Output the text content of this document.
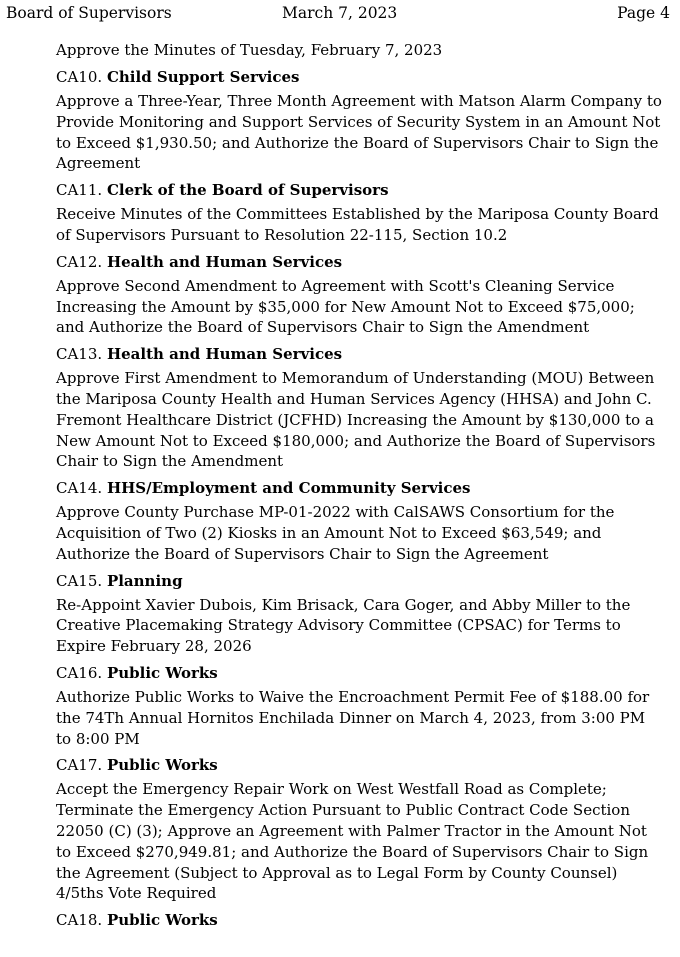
Board of Supervisors	March 7, 2023	Page 4

Approve the Minutes of Tuesday, February 7, 2023

CA10. Child Support Services

Approve a Three-Year, Three Month Agreement with Matson Alarm Company to Provide Monitoring and Support Services of Security System in an Amount Not to Exceed $1,930.50; and Authorize the Board of Supervisors Chair to Sign the Agreement

CA11. Clerk of the Board of Supervisors

Receive Minutes of the Committees Established by the Mariposa County Board of Supervisors Pursuant to Resolution 22-115, Section 10.2

CA12. Health and Human Services

Approve Second Amendment to Agreement with Scott's Cleaning Service Increasing the Amount by $35,000 for New Amount Not to Exceed $75,000; and Authorize the Board of Supervisors Chair to Sign the Amendment

CA13. Health and Human Services

Approve First Amendment to Memorandum of Understanding (MOU) Between the Mariposa County Health and Human Services Agency (HHSA) and John C. Fremont Healthcare District (JCFHD) Increasing the Amount by $130,000 to a New Amount Not to Exceed $180,000; and Authorize the Board of Supervisors Chair to Sign the Amendment

CA14. HHS/Employment and Community Services

Approve County Purchase MP-01-2022 with CalSAWS Consortium for the Acquisition of Two (2) Kiosks in an Amount Not to Exceed $63,549; and Authorize the Board of Supervisors Chair to Sign the Agreement

CA15. Planning

Re-Appoint Xavier Dubois, Kim Brisack, Cara Goger, and Abby Miller to the Creative Placemaking Strategy Advisory Committee (CPSAC) for Terms to Expire February 28, 2026

CA16. Public Works

Authorize Public Works to Waive the Encroachment Permit Fee of $188.00 for the 74Th Annual Hornitos Enchilada Dinner on March 4, 2023, from 3:00 PM to 8:00 PM

CA17. Public Works

Accept the Emergency Repair Work on West Westfall Road as Complete; Terminate the Emergency Action Pursuant to Public Contract Code Section 22050 (C) (3); Approve an Agreement with Palmer Tractor in the Amount Not to Exceed $270,949.81; and Authorize the Board of Supervisors Chair to Sign the Agreement (Subject to Approval as to Legal Form by County Counsel) 4/5ths Vote Required

CA18. Public Works
